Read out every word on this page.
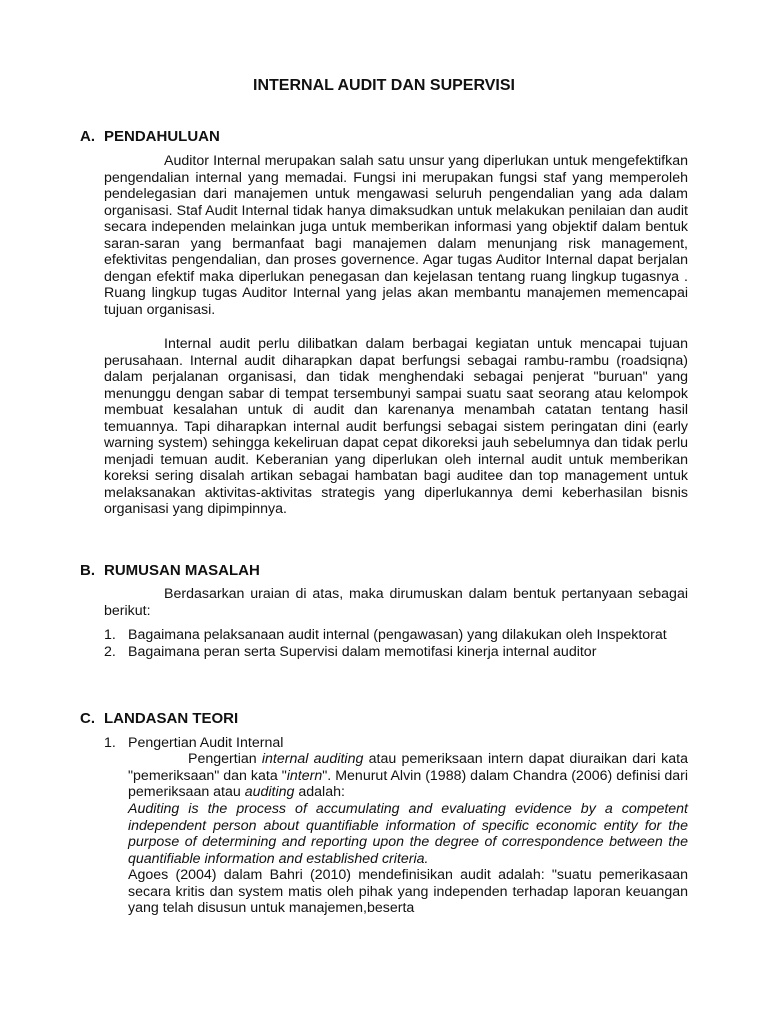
INTERNAL AUDIT DAN SUPERVISI
A. PENDAHULUAN

Auditor Internal merupakan salah satu unsur yang diperlukan untuk mengefektifkan pengendalian internal yang memadai. Fungsi ini merupakan fungsi staf yang memperoleh pendelegasian dari manajemen untuk mengawasi seluruh pengendalian yang ada dalam organisasi. Staf Audit Internal tidak hanya dimaksudkan untuk melakukan penilaian dan audit secara independen melainkan juga untuk memberikan informasi yang objektif dalam bentuk saran-saran yang bermanfaat bagi manajemen dalam menunjang risk management, efektivitas pengendalian, dan proses governence. Agar tugas Auditor Internal dapat berjalan dengan efektif maka diperlukan penegasan dan kejelasan tentang ruang lingkup tugasnya . Ruang lingkup tugas Auditor Internal yang jelas akan membantu manajemen memencapai tujuan organisasi.

Internal audit perlu dilibatkan dalam berbagai kegiatan untuk mencapai tujuan perusahaan. Internal audit diharapkan dapat berfungsi sebagai rambu-rambu (roadsiqna) dalam perjalanan organisasi, dan tidak menghendaki sebagai penjerat "buruan" yang menunggu dengan sabar di tempat tersembunyi sampai suatu saat seorang atau kelompok membuat kesalahan untuk di audit dan karenanya menambah catatan tentang hasil temuannya. Tapi diharapkan internal audit berfungsi sebagai sistem peringatan dini (early warning system) sehingga kekeliruan dapat cepat dikoreksi jauh sebelumnya dan tidak perlu menjadi temuan audit. Keberanian yang diperlukan oleh internal audit untuk memberikan koreksi sering disalah artikan sebagai hambatan bagi auditee dan top management untuk melaksanakan aktivitas-aktivitas strategis yang diperlukannya demi keberhasilan bisnis organisasi yang dipimpinnya.

B. RUMUSAN MASALAH

Berdasarkan uraian di atas, maka dirumuskan dalam bentuk pertanyaan sebagai berikut:

1. Bagaimana pelaksanaan audit internal (pengawasan) yang dilakukan oleh Inspektorat
2. Bagaimana peran serta Supervisi dalam memotifasi kinerja internal auditor
C. LANDASAN TEORI
1. Pengertian Audit Internal

Pengertian internal auditing atau pemeriksaan intern dapat diuraikan dari kata "pemeriksaan" dan kata "intern". Menurut Alvin (1988) dalam Chandra (2006) definisi dari pemeriksaan atau auditing adalah:

Auditing is the process of accumulating and evaluating evidence by a competent independent person about quantifiable information of specific economic entity for the purpose of determining and reporting upon the degree of correspondence between the quantifiable information and established criteria.

Agoes (2004) dalam Bahri (2010) mendefinisikan audit adalah: "suatu pemerikasaan secara kritis dan system matis oleh pihak yang independen terhadap laporan keuangan yang telah disusun untuk manajemen,beserta
